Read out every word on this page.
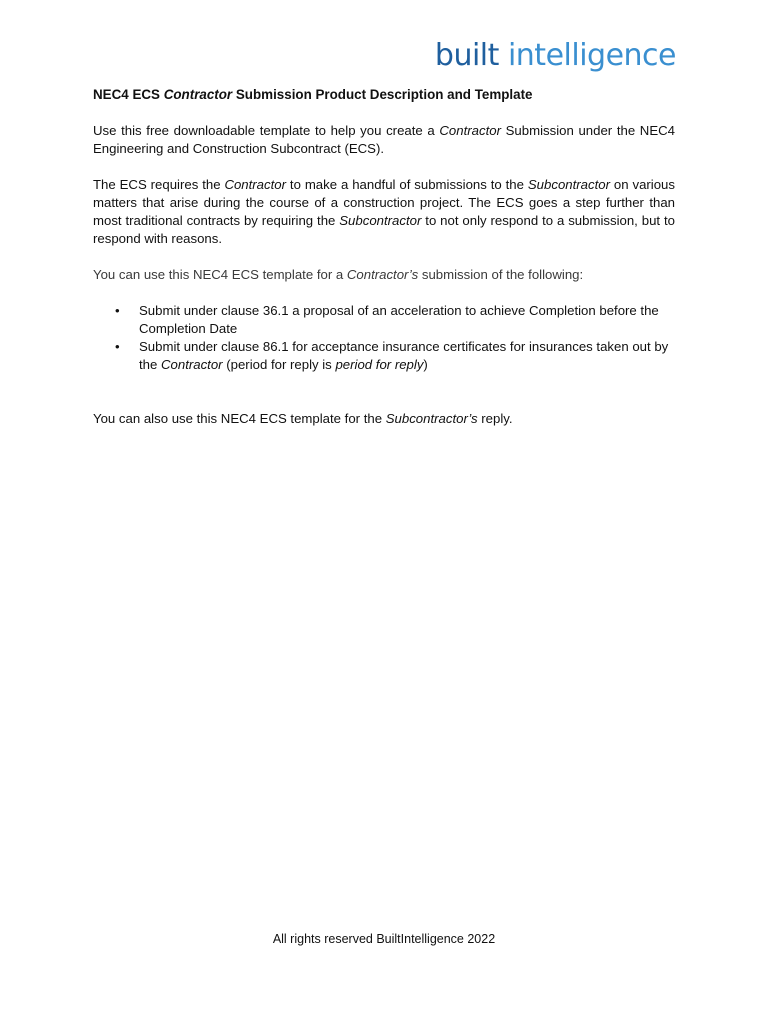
built intelligence
NEC4 ECS Contractor Submission Product Description and Template

Use this free downloadable template to help you create a Contractor Submission under the NEC4 Engineering and Construction Subcontract (ECS).

The ECS requires the Contractor to make a handful of submissions to the Subcontractor on various matters that arise during the course of a construction project. The ECS goes a step further than most traditional contracts by requiring the Subcontractor to not only respond to a submission, but to respond with reasons.

You can use this NEC4 ECS template for a Contractor’s submission of the following:

• Submit under clause 36.1 a proposal of an acceleration to achieve Completion before the Completion Date
• Submit under clause 86.1 for acceptance insurance certificates for insurances taken out by the Contractor (period for reply is period for reply)

You can also use this NEC4 ECS template for the Subcontractor’s reply.

All rights reserved BuiltIntelligence 2022
